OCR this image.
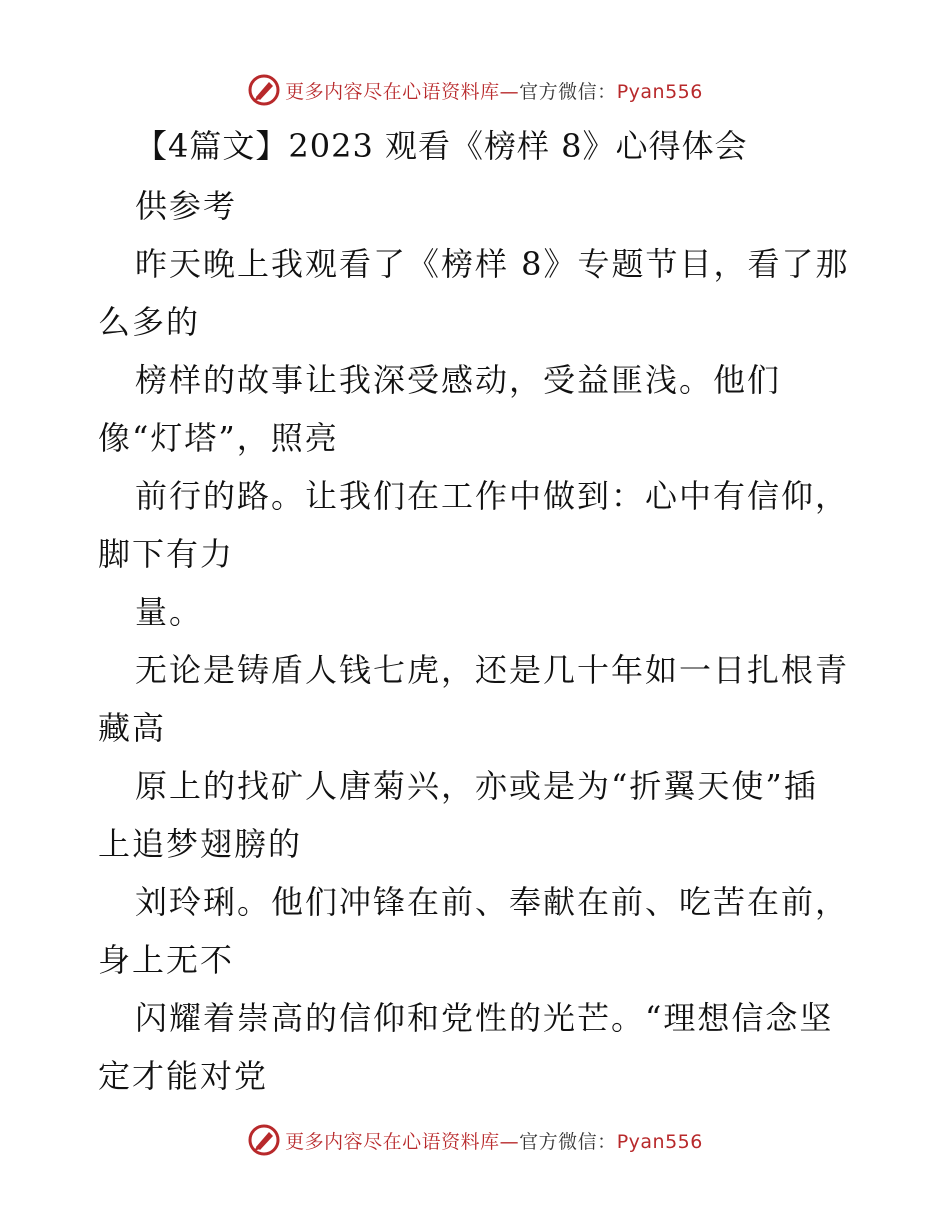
更多内容尽在心语资料库—官方微信：Pyan556
【4篇文】2023 观看《榜样 8》心得体会
供参考
昨天晚上我观看了《榜样 8》专题节目，看了那
么多的
榜样的故事让我深受感动，受益匪浅。他们
像“灯塔”，照亮
前行的路。让我们在工作中做到：心中有信仰，
脚下有力
量。
无论是铸盾人钱七虎，还是几十年如一日扎根青
藏高
原上的找矿人唐菊兴，亦或是为“折翼天使”插
上追梦翅膀的
刘玲琍。他们冲锋在前、奉献在前、吃苦在前，
身上无不
闪耀着崇高的信仰和党性的光芒。“理想信念坚
定才能对党
更多内容尽在心语资料库—官方微信：Pyan556
